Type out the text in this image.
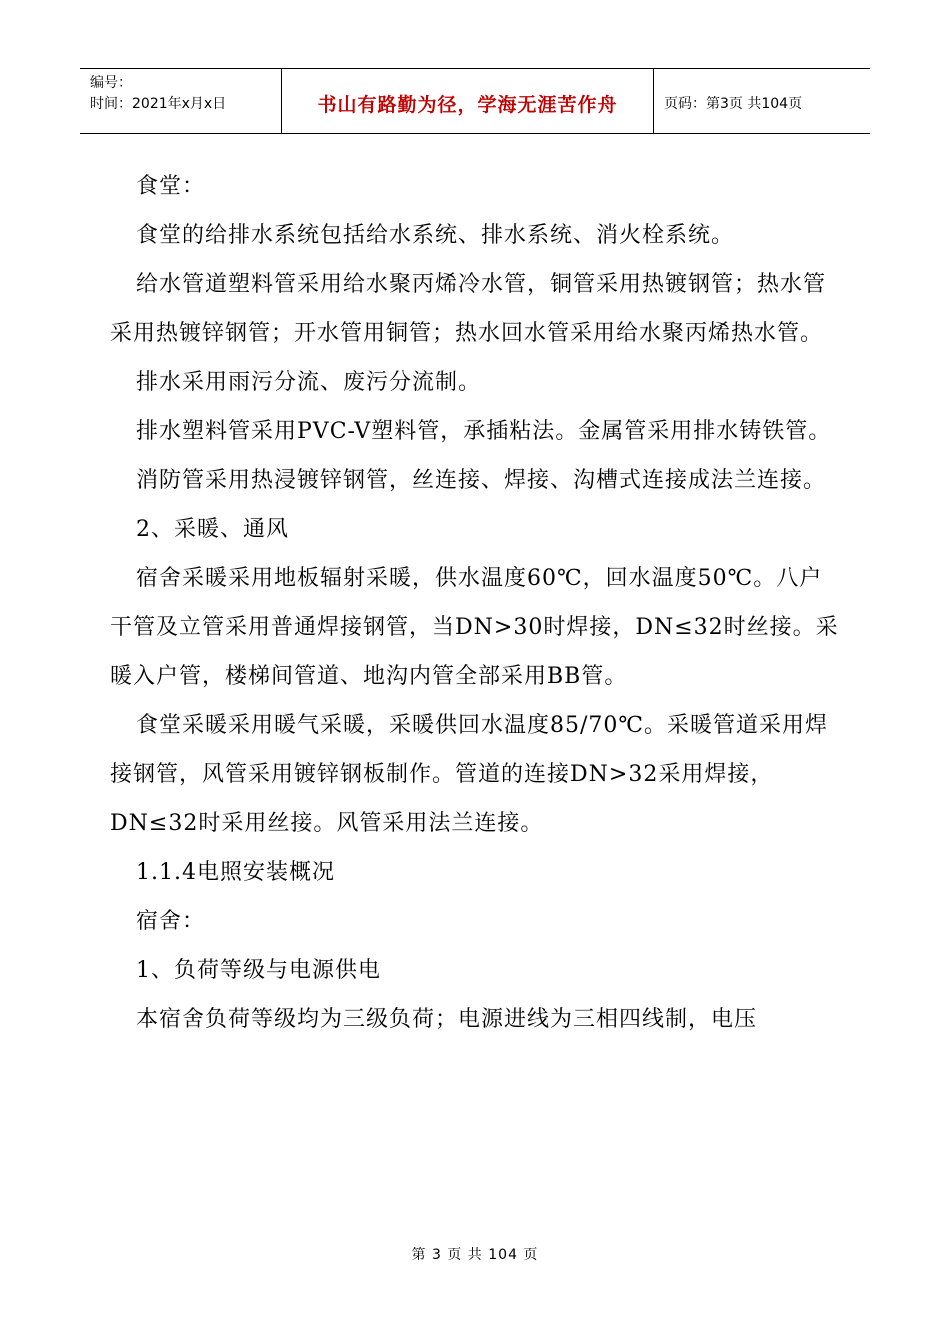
编号：
时间：2021年x月x日	书山有路勤为径，学海无涯苦作舟	页码：第3页 共104页

食堂：

食堂的给排水系统包括给水系统、排水系统、消火栓系统。

给水管道塑料管采用给水聚丙烯冷水管，铜管采用热镀钢管；热水管采用热镀锌钢管；开水管用铜管；热水回水管采用给水聚丙烯热水管。

排水采用雨污分流、废污分流制。

排水塑料管采用PVC-V塑料管，承插粘法。金属管采用排水铸铁管。

消防管采用热浸镀锌钢管，丝连接、焊接、沟槽式连接成法兰连接。

2、采暖、通风

宿舍采暖采用地板辐射采暖，供水温度60℃，回水温度50℃。八户干管及立管采用普通焊接钢管，当DN>30时焊接，DN≤32时丝接。采暖入户管，楼梯间管道、地沟内管全部采用BB管。

食堂采暖采用暖气采暖，采暖供回水温度85/70℃。采暖管道采用焊接钢管，风管采用镀锌钢板制作。管道的连接DN>32采用焊接，DN≤32时采用丝接。风管采用法兰连接。

1.1.4电照安装概况

宿舍：

1、负荷等级与电源供电

本宿舍负荷等级均为三级负荷；电源进线为三相四线制，电压

第 3 页 共 104 页
